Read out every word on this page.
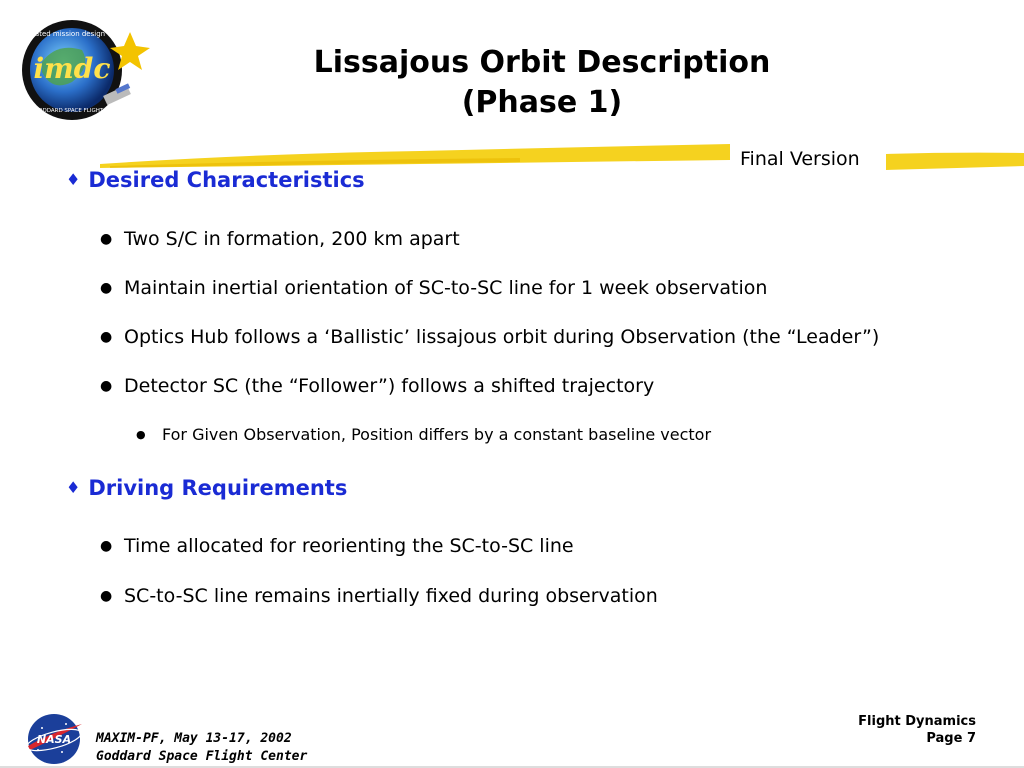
imdc
integrated mission design center
NASA GODDARD SPACE FLIGHT CENTER
Lissajous Orbit Description
(Phase 1)
Final Version
♦ Desired Characteristics
● Two S/C in formation, 200 km apart
● Maintain inertial orientation of SC-to-SC line for 1 week observation
● Optics Hub follows a ‘Ballistic’ lissajous orbit during Observation (the “Leader”)
● Detector SC (the “Follower”) follows a shifted trajectory
● For Given Observation, Position differs by a constant baseline vector
♦ Driving Requirements
● Time allocated for reorienting the SC-to-SC line
● SC-to-SC line remains inertially fixed during observation
NASA MAXIM-PF, May 13-17, 2002
Goddard Space Flight Center
Flight Dynamics
Page 7
